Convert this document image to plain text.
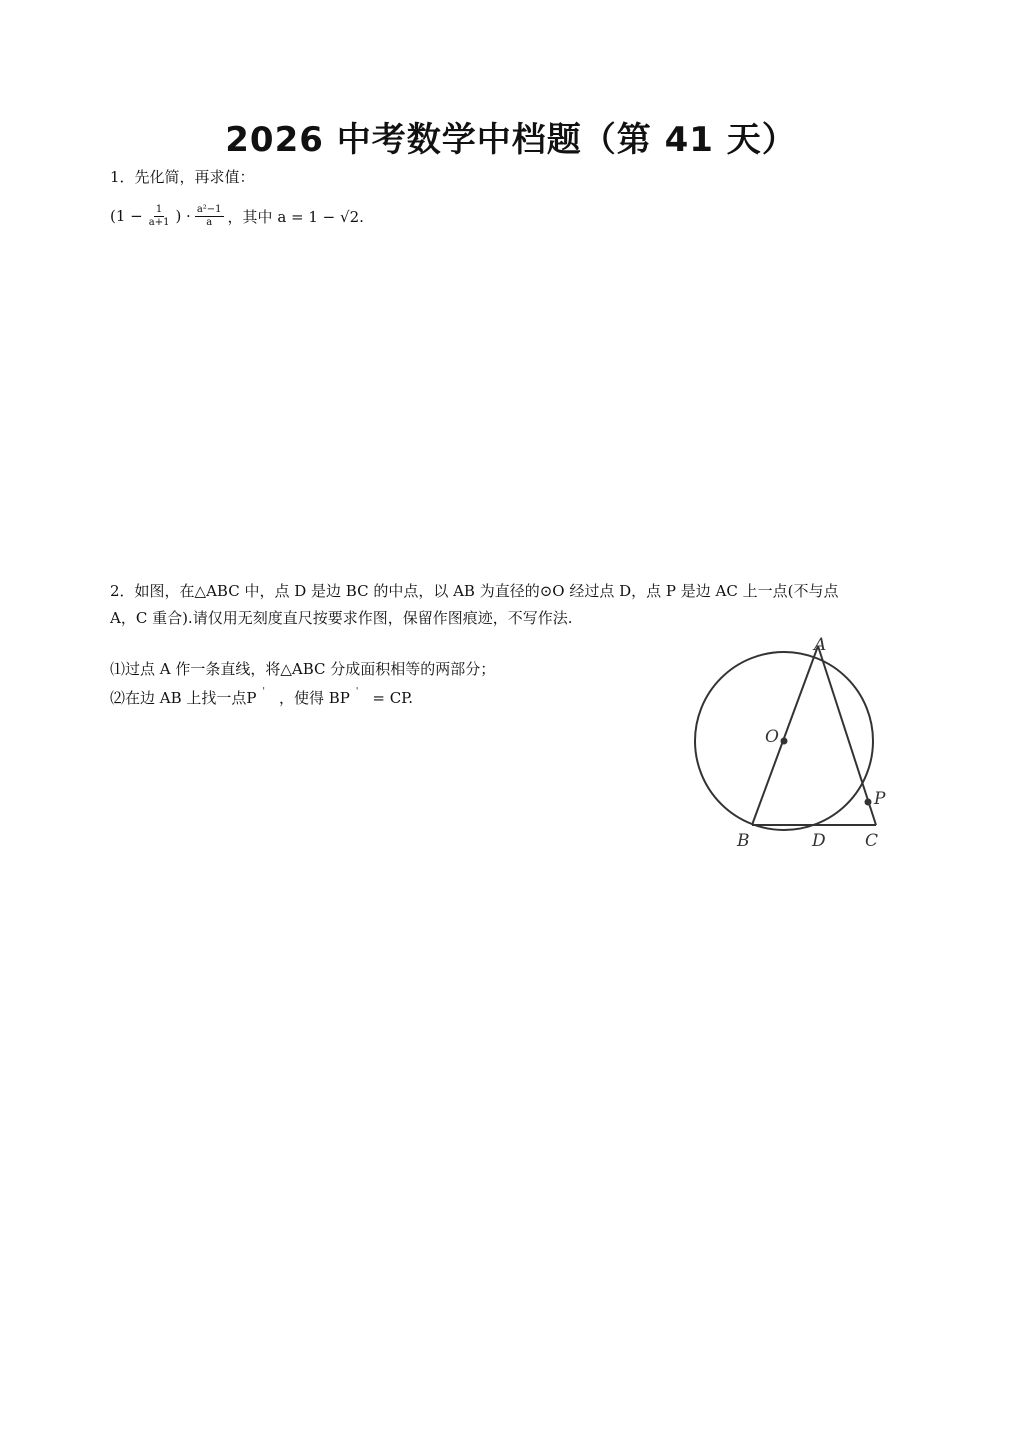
2026 中考数学中档题（第 41 天）
1．先化简，再求值：
($1 - \frac{1}{a+1}$ ) · $\frac{\text{a²−1}}{a}$ ，其中 a = 1 − √2.
2．如图，在△ABC 中，点 D 是边 BC 的中点，以 AB 为直径的⊙O 经过点 D，点 P 是边 AC 上一点(不与点
A，C 重合).请仅用无刻度直尺按要求作图，保留作图痕迹，不写作法.
⑴过点 A 作一条直线，将△ABC 分成面积相等的两部分；
⑵在边 AB 上找一点P ' ，使得 BP ' = CP.
A
O
P
B	D C
